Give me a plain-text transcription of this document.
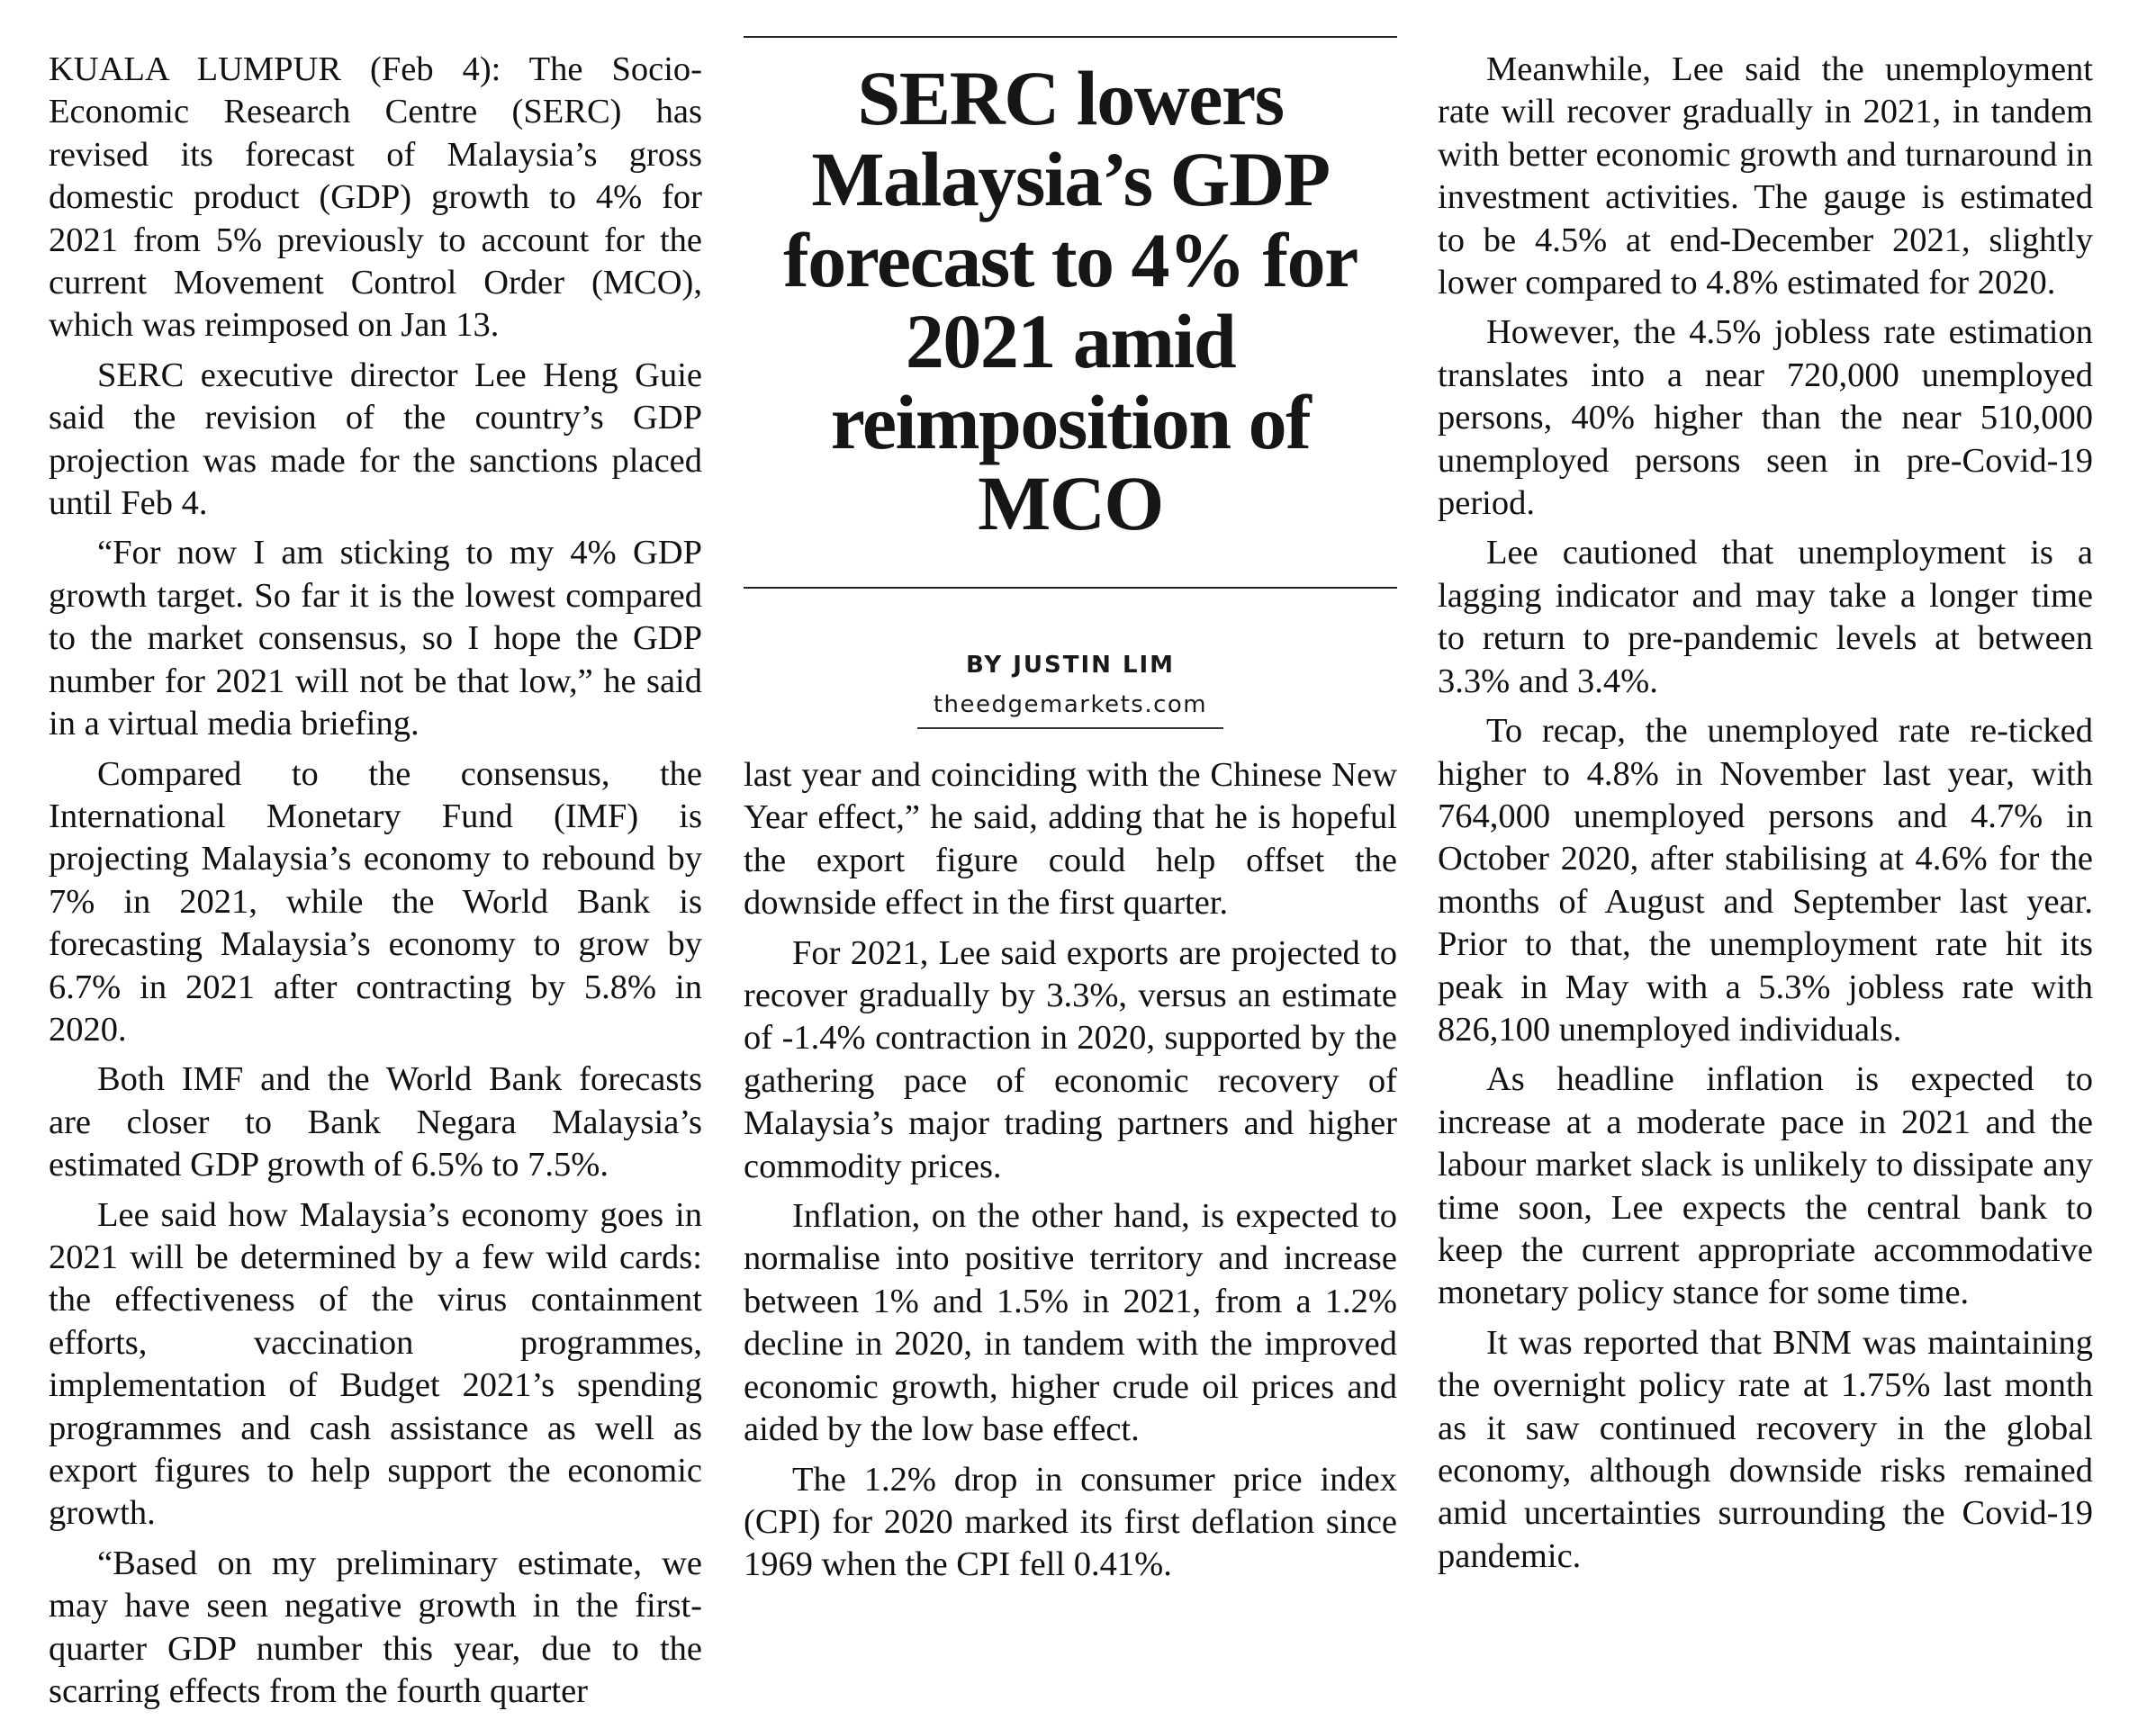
KUALA LUMPUR (Feb 4): The Socio-Economic Research Centre (SERC) has revised its forecast of Malaysia’s gross domestic product (GDP) growth to 4% for 2021 from 5% previously to account for the current Movement Control Order (MCO), which was reimposed on Jan 13.

SERC executive director Lee Heng Guie said the revision of the country’s GDP projection was made for the sanctions placed until Feb 4.

“For now I am sticking to my 4% GDP growth target. So far it is the lowest compared to the market consensus, so I hope the GDP number for 2021 will not be that low,” he said in a virtual media briefing.

Compared to the consensus, the International Monetary Fund (IMF) is projecting Malaysia’s economy to rebound by 7% in 2021, while the World Bank is forecasting Malaysia’s economy to grow by 6.7% in 2021 after contracting by 5.8% in 2020.

Both IMF and the World Bank forecasts are closer to Bank Negara Malaysia’s estimated GDP growth of 6.5% to 7.5%.

Lee said how Malaysia’s economy goes in 2021 will be determined by a few wild cards: the effectiveness of the virus containment efforts, vaccination programmes, implementation of Budget 2021’s spending programmes and cash assistance as well as export figures to help support the economic growth.

“Based on my preliminary estimate, we may have seen negative growth in the first-quarter GDP number this year, due to the scarring effects from the fourth quarter

SERC lowers Malaysia’s GDP forecast to 4% for 2021 amid reimposition of MCO
BY JUSTIN LIM
theedgemarkets.com

last year and coinciding with the Chinese New Year effect,” he said, adding that he is hopeful the export figure could help offset the downside effect in the first quarter.

For 2021, Lee said exports are projected to recover gradually by 3.3%, versus an estimate of -1.4% contraction in 2020, supported by the gathering pace of economic recovery of Malaysia’s major trading partners and higher commodity prices.

Inflation, on the other hand, is expected to normalise into positive territory and increase between 1% and 1.5% in 2021, from a 1.2% decline in 2020, in tandem with the improved economic growth, higher crude oil prices and aided by the low base effect.

The 1.2% drop in consumer price index (CPI) for 2020 marked its first deflation since 1969 when the CPI fell 0.41%.

Meanwhile, Lee said the unemployment rate will recover gradually in 2021, in tandem with better economic growth and turnaround in investment activities. The gauge is estimated to be 4.5% at end-December 2021, slightly lower compared to 4.8% estimated for 2020.

However, the 4.5% jobless rate estimation translates into a near 720,000 unemployed persons, 40% higher than the near 510,000 unemployed persons seen in pre-Covid-19 period.

Lee cautioned that unemployment is a lagging indicator and may take a longer time to return to pre-pandemic levels at between 3.3% and 3.4%.

To recap, the unemployed rate re-ticked higher to 4.8% in November last year, with 764,000 unemployed persons and 4.7% in October 2020, after stabilising at 4.6% for the months of August and September last year. Prior to that, the unemployment rate hit its peak in May with a 5.3% jobless rate with 826,100 unemployed individuals.

As headline inflation is expected to increase at a moderate pace in 2021 and the labour market slack is unlikely to dissipate any time soon, Lee expects the central bank to keep the current appropriate accommodative monetary policy stance for some time.

It was reported that BNM was maintaining the overnight policy rate at 1.75% last month as it saw continued recovery in the global economy, although downside risks remained amid uncertainties surrounding the Covid-19 pandemic.
